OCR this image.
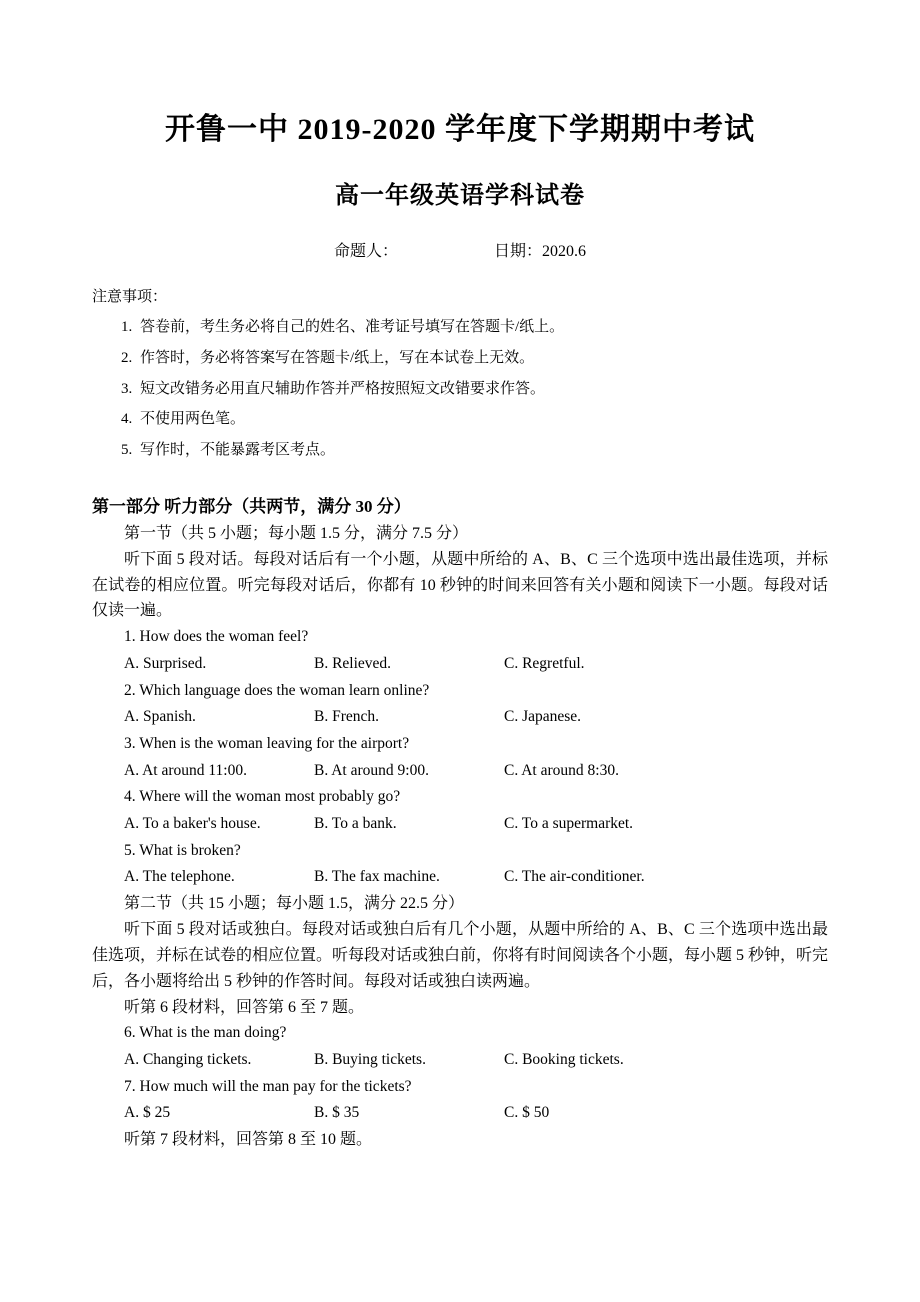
开鲁一中 2019-2020 学年度下学期期中考试
高一年级英语学科试卷
命题人：	日期：2020.6
注意事项：
1. 答卷前，考生务必将自己的姓名、准考证号填写在答题卡/纸上。
2. 作答时，务必将答案写在答题卡/纸上，写在本试卷上无效。
3. 短文改错务必用直尺辅助作答并严格按照短文改错要求作答。
4. 不使用两色笔。
5. 写作时，不能暴露考区考点。
第一部分 听力部分（共两节，满分 30 分）

第一节（共 5 小题；每小题 1.5 分，满分 7.5 分）

听下面 5 段对话。每段对话后有一个小题，从题中所给的 A、B、C 三个选项中选出最佳选项，并标在试卷的相应位置。听完每段对话后，你都有 10 秒钟的时间来回答有关小题和阅读下一小题。每段对话仅读一遍。

1. How does the woman feel?

A. Surprised.	B. Relieved.	C. Regretful.

2. Which language does the woman learn online?

A. Spanish.	B. French.	C. Japanese.

3. When is the woman leaving for the airport?

A. At around 11:00.	B. At around 9:00.	C. At around 8:30.

4. Where will the woman most probably go?

A. To a baker's house.	B. To a bank.	C. To a supermarket.

5. What is broken?

A. The telephone.	B. The fax machine.	C. The air-conditioner.

第二节（共 15 小题；每小题 1.5，满分 22.5 分）

听下面 5 段对话或独白。每段对话或独白后有几个小题，从题中所给的 A、B、C 三个选项中选出最佳选项，并标在试卷的相应位置。听每段对话或独白前，你将有时间阅读各个小题，每小题 5 秒钟，听完后，各小题将给出 5 秒钟的作答时间。每段对话或独白读两遍。

听第 6 段材料，回答第 6 至 7 题。

6. What is the man doing?

A. Changing tickets.	B. Buying tickets.	C. Booking tickets.

7. How much will the man pay for the tickets?

A. $ 25	B. $ 35	C. $ 50

听第 7 段材料，回答第 8 至 10 题。
